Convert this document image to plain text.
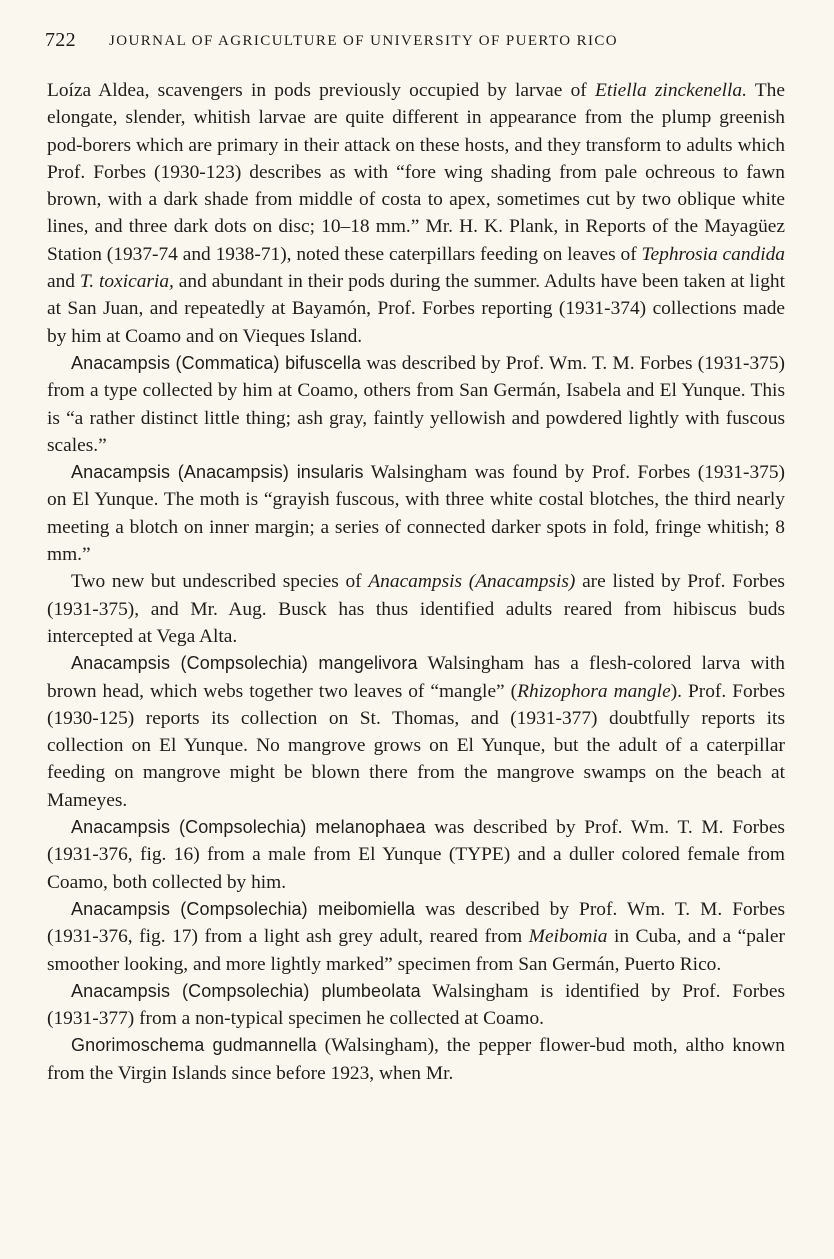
722 JOURNAL OF AGRICULTURE OF UNIVERSITY OF PUERTO RICO

Loíza Aldea, scavengers in pods previously occupied by larvae of Etiella zinckenella. The elongate, slender, whitish larvae are quite different in appearance from the plump greenish pod-borers which are primary in their attack on these hosts, and they transform to adults which Prof. Forbes (1930-123) describes as with “fore wing shading from pale ochreous to fawn brown, with a dark shade from middle of costa to apex, sometimes cut by two oblique white lines, and three dark dots on disc; 10–18 mm.” Mr. H. K. Plank, in Reports of the Mayagüez Station (1937-74 and 1938-71), noted these caterpillars feeding on leaves of Tephrosia candida and T. toxicaria, and abundant in their pods during the summer. Adults have been taken at light at San Juan, and repeatedly at Bayamón, Prof. Forbes reporting (1931-374) collections made by him at Coamo and on Vieques Island.

Anacampsis (Commatica) bifuscella was described by Prof. Wm. T. M. Forbes (1931-375) from a type collected by him at Coamo, others from San Germán, Isabela and El Yunque. This is “a rather distinct little thing; ash gray, faintly yellowish and powdered lightly with fuscous scales.”

Anacampsis (Anacampsis) insularis Walsingham was found by Prof. Forbes (1931-375) on El Yunque. The moth is “grayish fuscous, with three white costal blotches, the third nearly meeting a blotch on inner margin; a series of connected darker spots in fold, fringe whitish; 8 mm.”

Two new but undescribed species of Anacampsis (Anacampsis) are listed by Prof. Forbes (1931-375), and Mr. Aug. Busck has thus identified adults reared from hibiscus buds intercepted at Vega Alta.

Anacampsis (Compsolechia) mangelivora Walsingham has a flesh-colored larva with brown head, which webs together two leaves of “mangle” (Rhizophora mangle). Prof. Forbes (1930-125) reports its collection on St. Thomas, and (1931-377) doubtfully reports its collection on El Yunque. No mangrove grows on El Yunque, but the adult of a caterpillar feeding on mangrove might be blown there from the mangrove swamps on the beach at Mameyes.

Anacampsis (Compsolechia) melanophaea was described by Prof. Wm. T. M. Forbes (1931-376, fig. 16) from a male from El Yunque (TYPE) and a duller colored female from Coamo, both collected by him.

Anacampsis (Compsolechia) meibomiella was described by Prof. Wm. T. M. Forbes (1931-376, fig. 17) from a light ash grey adult, reared from Meibomia in Cuba, and a “paler smoother looking, and more lightly marked” specimen from San Germán, Puerto Rico.

Anacampsis (Compsolechia) plumbeolata Walsingham is identified by Prof. Forbes (1931-377) from a non-typical specimen he collected at Coamo.

Gnorimoschema gudmannella (Walsingham), the pepper flower-bud moth, altho known from the Virgin Islands since before 1923, when Mr.
